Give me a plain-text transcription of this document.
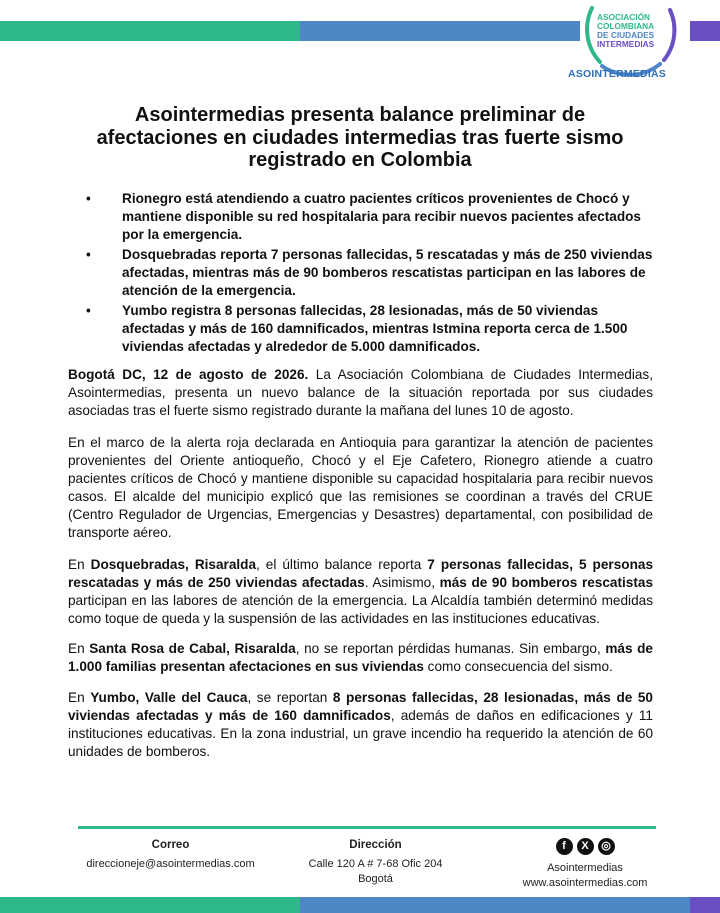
ASOCIACIÓN
COLOMBIANA
DE CIUDADES
INTERMEDIAS
ASOINTERMEDIAS
Asointermedias presenta balance preliminar de afectaciones en ciudades intermedias tras fuerte sismo registrado en Colombia
• Rionegro está atendiendo a cuatro pacientes críticos provenientes de Chocó y mantiene disponible su red hospitalaria para recibir nuevos pacientes afectados por la emergencia.
• Dosquebradas reporta 7 personas fallecidas, 5 rescatadas y más de 250 viviendas afectadas, mientras más de 90 bomberos rescatistas participan en las labores de atención de la emergencia.
• Yumbo registra 8 personas fallecidas, 28 lesionadas, más de 50 viviendas afectadas y más de 160 damnificados, mientras Istmina reporta cerca de 1.500 viviendas afectadas y alrededor de 5.000 damnificados.

Bogotá DC, 12 de agosto de 2026. La Asociación Colombiana de Ciudades Intermedias, Asointermedias, presenta un nuevo balance de la situación reportada por sus ciudades asociadas tras el fuerte sismo registrado durante la mañana del lunes 10 de agosto.

En el marco de la alerta roja declarada en Antioquia para garantizar la atención de pacientes provenientes del Oriente antioqueño, Chocó y el Eje Cafetero, Rionegro atiende a cuatro pacientes críticos de Chocó y mantiene disponible su capacidad hospitalaria para recibir nuevos casos. El alcalde del municipio explicó que las remisiones se coordinan a través del CRUE (Centro Regulador de Urgencias, Emergencias y Desastres) departamental, con posibilidad de transporte aéreo.

En Dosquebradas, Risaralda, el último balance reporta 7 personas fallecidas, 5 personas rescatadas y más de 250 viviendas afectadas. Asimismo, más de 90 bomberos rescatistas participan en las labores de atención de la emergencia. La Alcaldía también determinó medidas como toque de queda y la suspensión de las actividades en las instituciones educativas.

En Santa Rosa de Cabal, Risaralda, no se reportan pérdidas humanas. Sin embargo, más de 1.000 familias presentan afectaciones en sus viviendas como consecuencia del sismo.

En Yumbo, Valle del Cauca, se reportan 8 personas fallecidas, 28 lesionadas, más de 50 viviendas afectadas y más de 160 damnificados, además de daños en edificaciones y 11 instituciones educativas. En la zona industrial, un grave incendio ha requerido la atención de 60 unidades de bomberos.

Correo
direccioneje@asointermedias.com
Dirección
Calle 120 A # 7-68 Ofic 204
Bogotá
f	X	◎
Asointermedias
www.asointermedias.com
